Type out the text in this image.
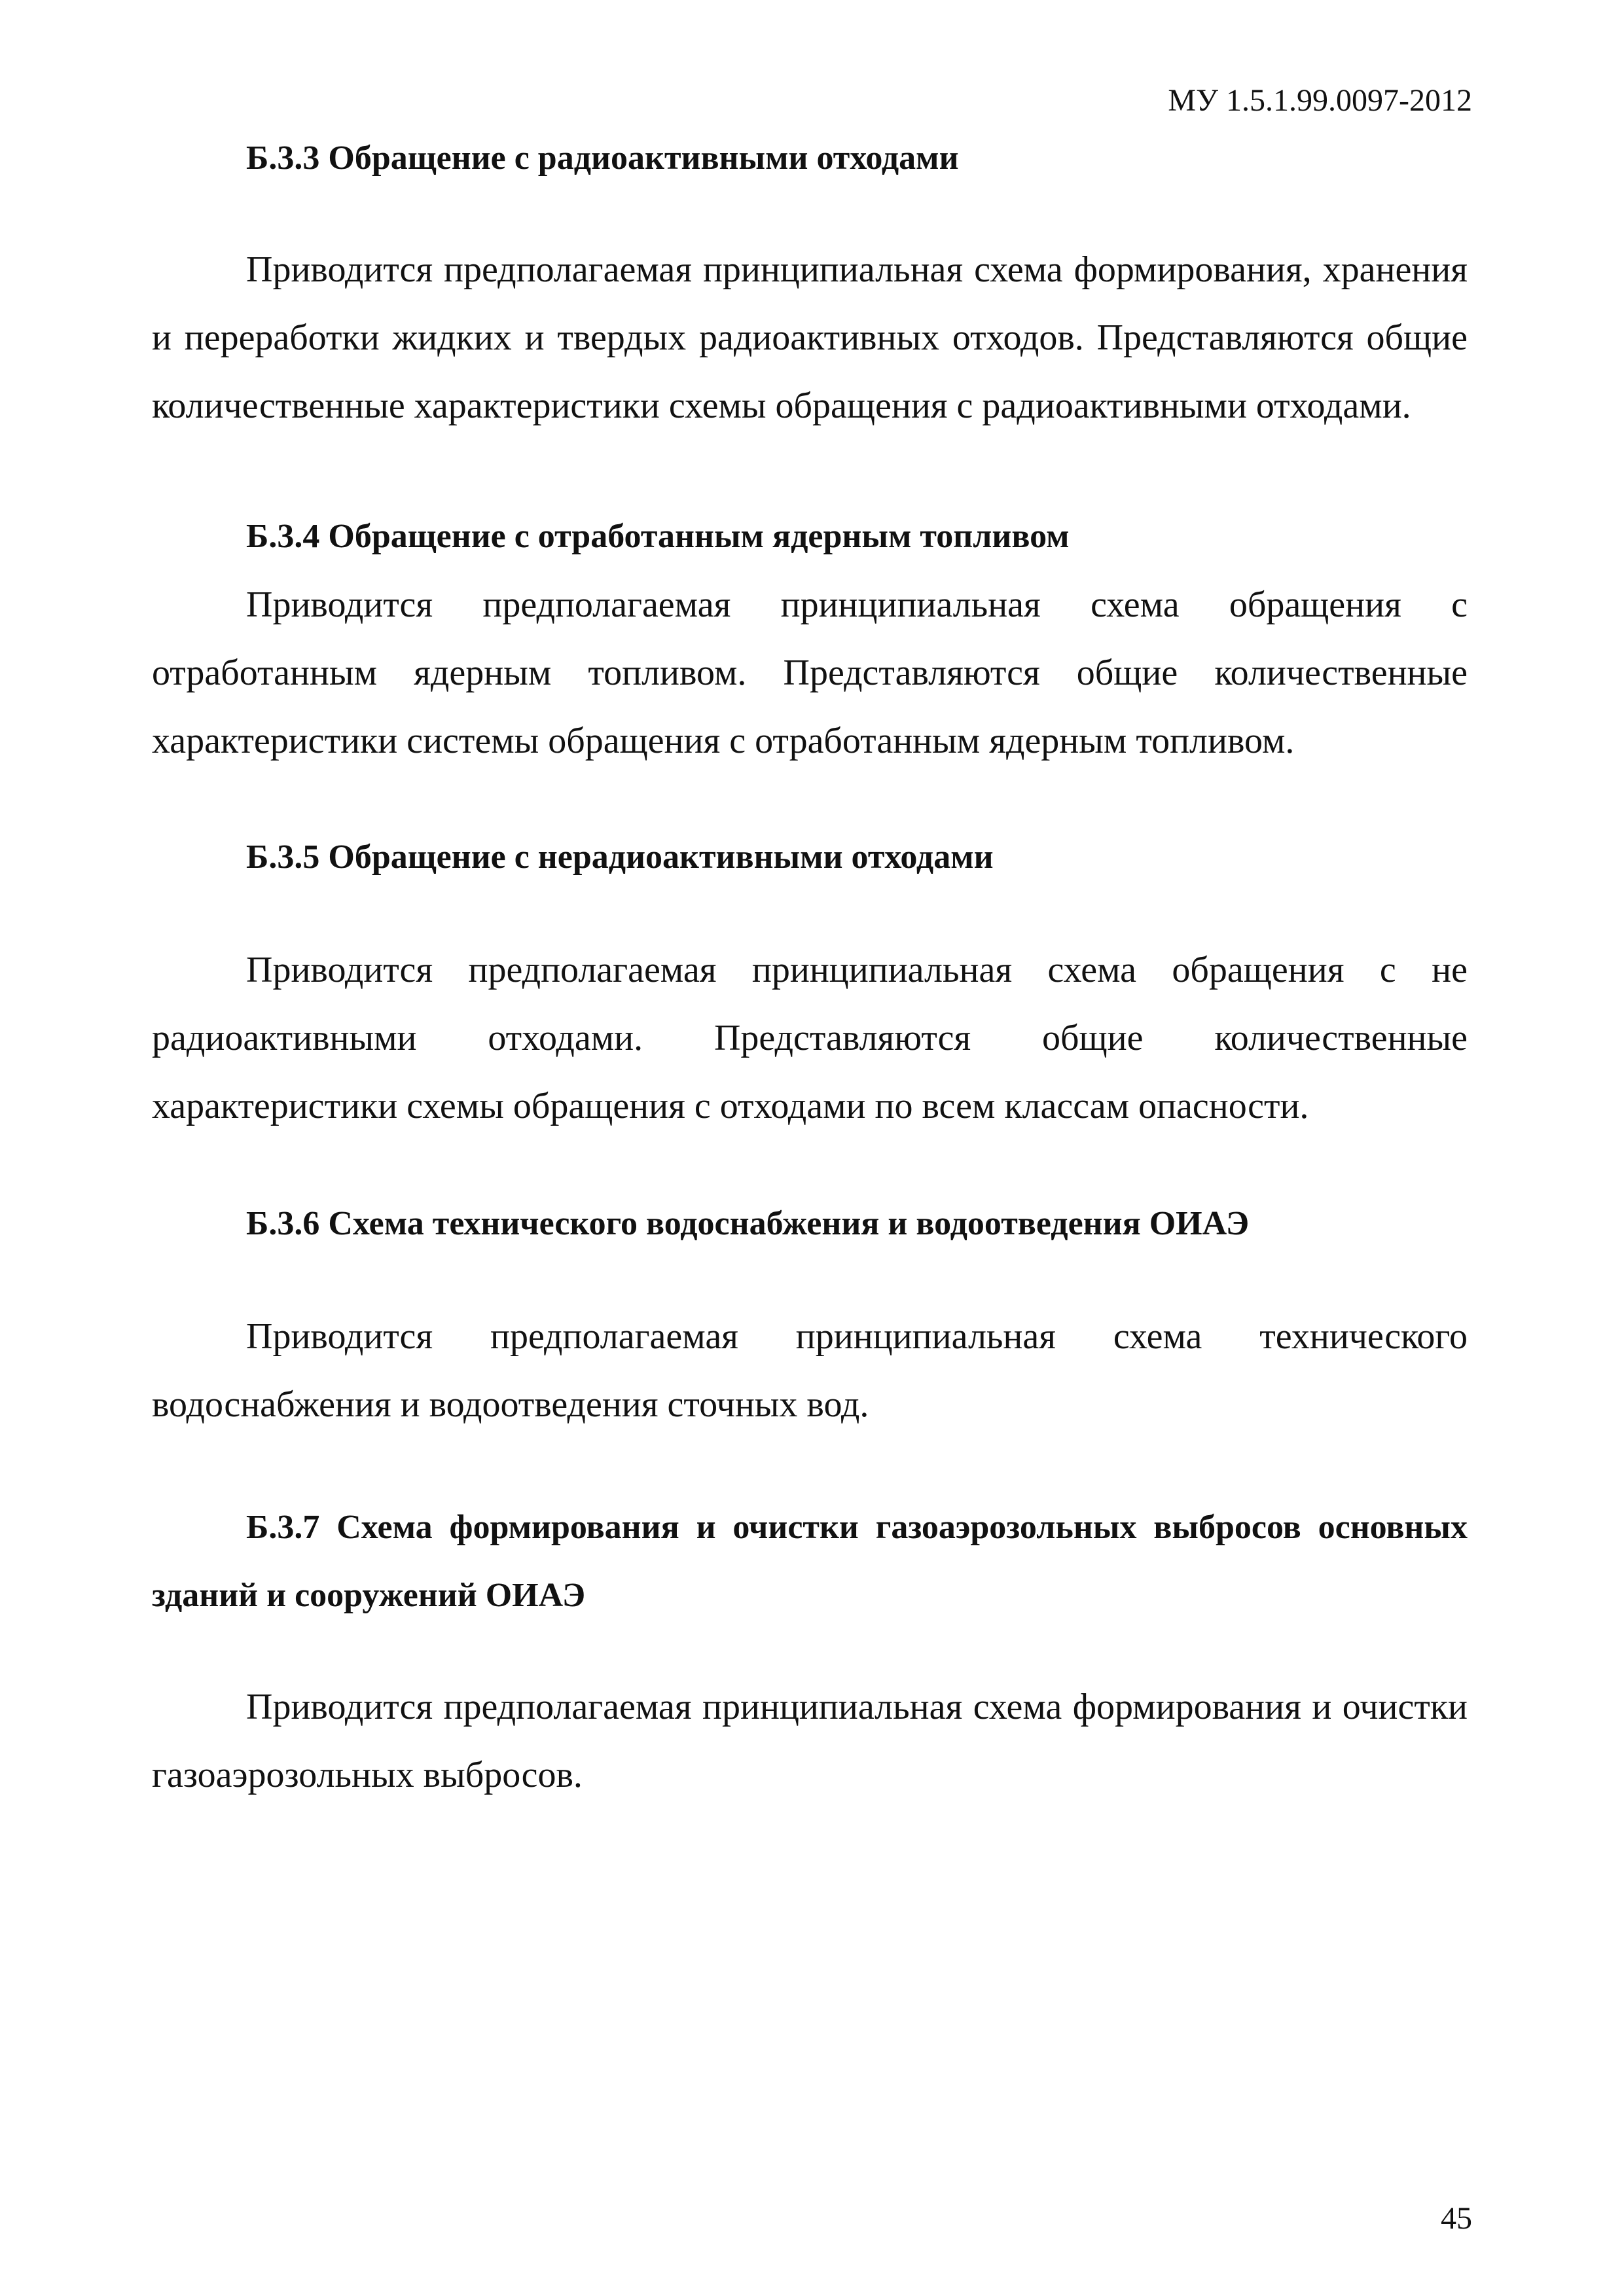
МУ 1.5.1.99.0097-2012
Б.3.3 Обращение с радиоактивными отходами
Приводится предполагаемая принципиальная схема формирования, хранения и переработки жидких и твердых радиоактивных отходов. Представляются общие количественные характеристики схемы обращения с радиоактивными отходами.
Б.3.4 Обращение с отработанным ядерным топливом
Приводится предполагаемая принципиальная схема обращения с отработанным ядерным топливом. Представляются общие количественные характеристики системы обращения с отработанным ядерным топливом.
Б.3.5 Обращение с нерадиоактивными отходами
Приводится предполагаемая принципиальная схема обращения с не радиоактивными отходами. Представляются общие количественные характеристики схемы обращения с отходами по всем классам опасности.
Б.3.6 Схема технического водоснабжения и водоотведения ОИАЭ
Приводится предполагаемая принципиальная схема технического водоснабжения и водоотведения сточных вод.
Б.3.7 Схема формирования и очистки газоаэрозольных выбросов основных зданий и сооружений ОИАЭ
Приводится предполагаемая принципиальная схема формирования и очистки газоаэрозольных выбросов.
45
